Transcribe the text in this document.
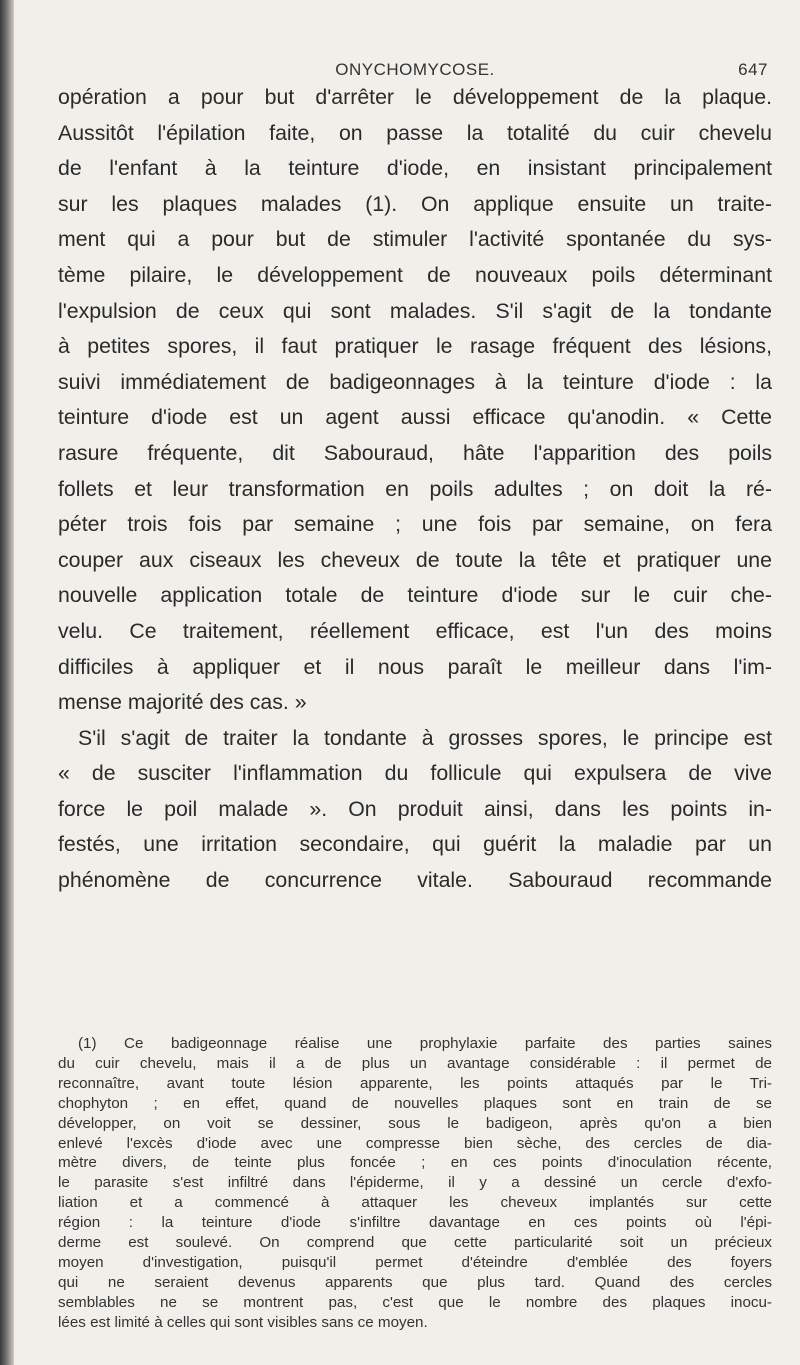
ONYCHOMYCOSE.	647
opération a pour but d'arrêter le développement de la plaque.
Aussitôt l'épilation faite, on passe la totalité du cuir chevelu
de l'enfant à la teinture d'iode, en insistant principalement
sur les plaques malades (1). On applique ensuite un traite-
ment qui a pour but de stimuler l'activité spontanée du sys-
tème pilaire, le développement de nouveaux poils déterminant
l'expulsion de ceux qui sont malades. S'il s'agit de la tondante
à petites spores, il faut pratiquer le rasage fréquent des lésions,
suivi immédiatement de badigeonnages à la teinture d'iode : la
teinture d'iode est un agent aussi efficace qu'anodin. « Cette
rasure fréquente, dit Sabouraud, hâte l'apparition des poils
follets et leur transformation en poils adultes ; on doit la ré-
péter trois fois par semaine ; une fois par semaine, on fera
couper aux ciseaux les cheveux de toute la tête et pratiquer une
nouvelle application totale de teinture d'iode sur le cuir che-
velu. Ce traitement, réellement efficace, est l'un des moins
difficiles à appliquer et il nous paraît le meilleur dans l'im-
mense majorité des cas. »
S'il s'agit de traiter la tondante à grosses spores, le principe est
« de susciter l'inflammation du follicule qui expulsera de vive
force le poil malade ». On produit ainsi, dans les points in-
festés, une irritation secondaire, qui guérit la maladie par un
phénomène de concurrence vitale. Sabouraud recommande
(1) Ce badigeonnage réalise une prophylaxie parfaite des parties saines
du cuir chevelu, mais il a de plus un avantage considérable : il permet de
reconnaître, avant toute lésion apparente, les points attaqués par le Tri-
chophyton ; en effet, quand de nouvelles plaques sont en train de se
développer, on voit se dessiner, sous le badigeon, après qu'on a bien
enlevé l'excès d'iode avec une compresse bien sèche, des cercles de dia-
mètre divers, de teinte plus foncée ; en ces points d'inoculation récente,
le parasite s'est infiltré dans l'épiderme, il y a dessiné un cercle d'exfo-
liation et a commencé à attaquer les cheveux implantés sur cette
région : la teinture d'iode s'infiltre davantage en ces points où l'épi-
derme est soulevé. On comprend que cette particularité soit un précieux
moyen d'investigation, puisqu'il permet d'éteindre d'emblée des foyers
qui ne seraient devenus apparents que plus tard. Quand des cercles
semblables ne se montrent pas, c'est que le nombre des plaques inocu-
lées est limité à celles qui sont visibles sans ce moyen.
